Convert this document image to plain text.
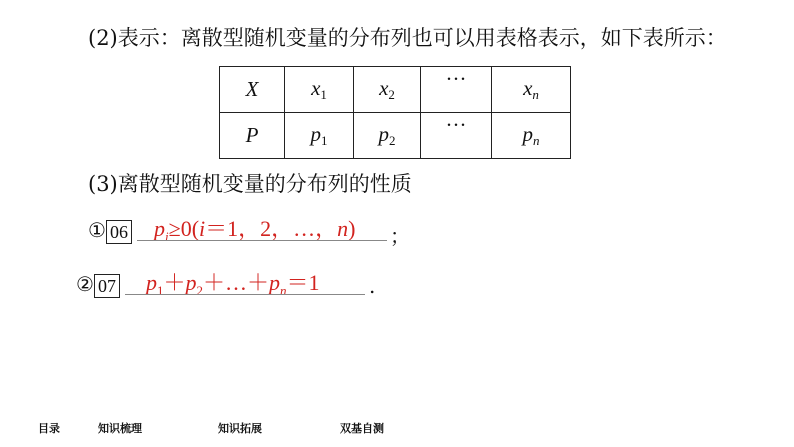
(2)表示：离散型随机变量的分布列也可以用表格表示，如下表所示：
X	$x_1$	$x_2$	···	$x_n$
P	$p_1$	$p_2$	···	$p_n$
(3)离散型随机变量的分布列的性质
① 06 $p_i\ge 0(i=1$，2，…，n) ；
② 07 $p_1+p_2+\dots+p_n=1$ .
目录	知识梳理	知识拓展	双基自测
